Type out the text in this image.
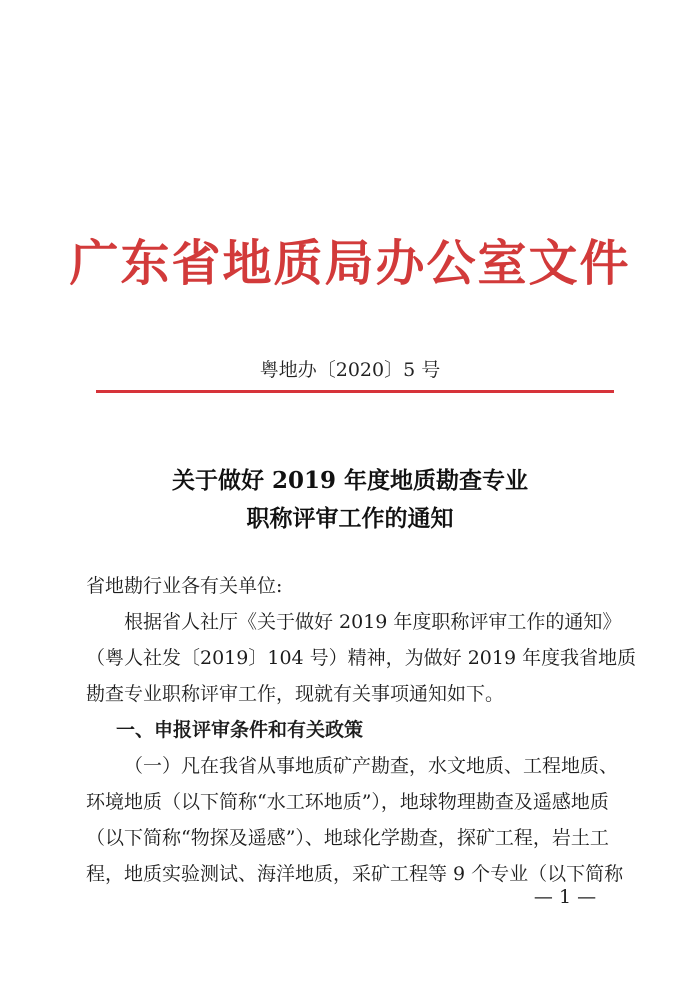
广东省地质局办公室文件
粤地办〔2020〕5 号
关于做好 2019 年度地质勘查专业
职称评审工作的通知
省地勘行业各有关单位:
根据省人社厅《关于做好 2019 年度职称评审工作的通知》
（粤人社发〔2019〕104 号）精神，为做好 2019 年度我省地质
勘查专业职称评审工作，现就有关事项通知如下。
一、申报评审条件和有关政策
（一）凡在我省从事地质矿产勘查，水文地质、工程地质、
环境地质（以下简称“水工环地质”），地球物理勘查及遥感地质
（以下简称“物探及遥感”）、地球化学勘查，探矿工程，岩土工
程，地质实验测试、海洋地质，采矿工程等 9 个专业（以下简称
— 1 —
